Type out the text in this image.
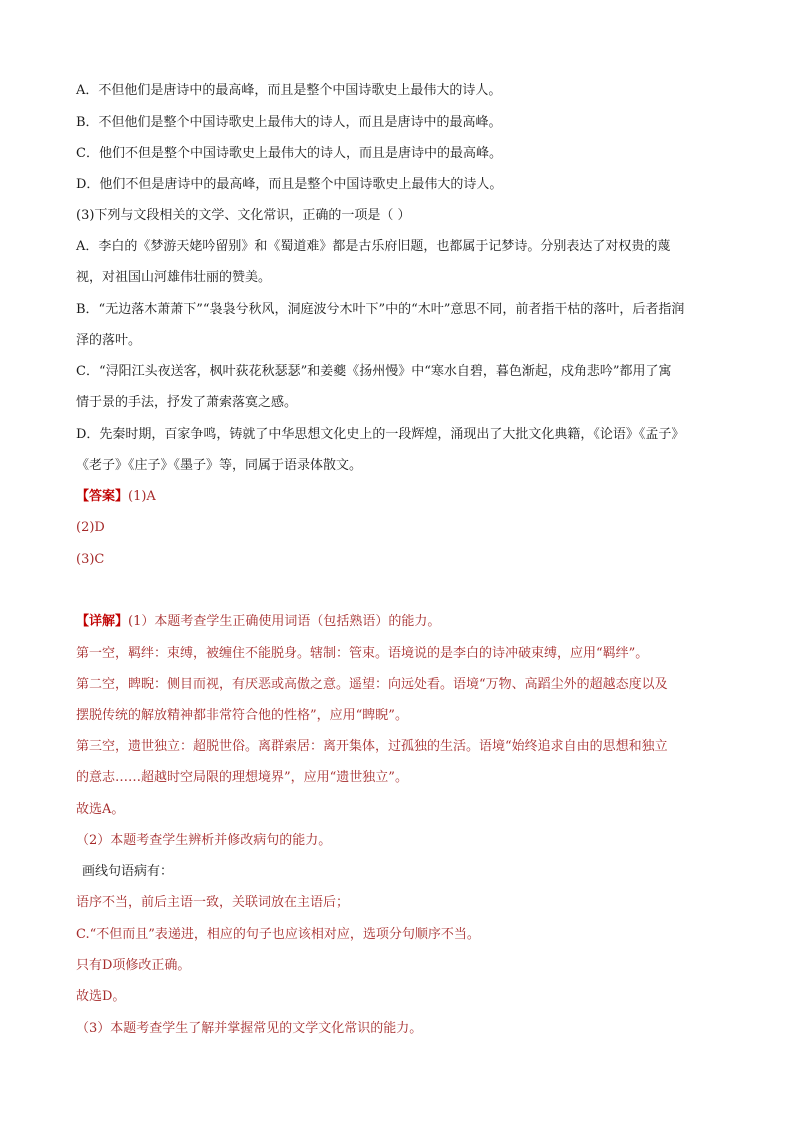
A．不但他们是唐诗中的最高峰，而且是整个中国诗歌史上最伟大的诗人。
B．不但他们是整个中国诗歌史上最伟大的诗人，而且是唐诗中的最高峰。
C．他们不但是整个中国诗歌史上最伟大的诗人，而且是唐诗中的最高峰。
D．他们不但是唐诗中的最高峰，而且是整个中国诗歌史上最伟大的诗人。
(3)下列与文段相关的文学、文化常识，正确的一项是（ ）
A．李白的《梦游天姥吟留别》和《蜀道难》都是古乐府旧题，也都属于记梦诗。分别表达了对权贵的蔑
视，对祖国山河雄伟壮丽的赞美。
B．“无边落木萧萧下”“袅袅兮秋风，洞庭波兮木叶下”中的“木叶”意思不同，前者指干枯的落叶，后者指润
泽的落叶。
C．“浔阳江头夜送客，枫叶荻花秋瑟瑟”和姜夔《扬州慢》中“寒水自碧，暮色渐起，戍角悲吟”都用了寓
情于景的手法，抒发了萧索落寞之感。
D．先秦时期，百家争鸣，铸就了中华思想文化史上的一段辉煌，涌现出了大批文化典籍，《论语》《孟子》
《老子》《庄子》《墨子》等，同属于语录体散文。
【答案】(1)A
(2)D
(3)C
【详解】(1）本题考查学生正确使用词语（包括熟语）的能力。
第一空，羁绊：束缚，被缠住不能脱身。辖制：管束。语境说的是李白的诗冲破束缚，应用“羁绊”。
第二空，睥睨：侧目而视，有厌恶或高傲之意。遥望：向远处看。语境“万物、高蹈尘外的超越态度以及
摆脱传统的解放精神都非常符合他的性格”，应用“睥睨”。
第三空，遗世独立：超脱世俗。离群索居：离开集体，过孤独的生活。语境“始终追求自由的思想和独立
的意志……超越时空局限的理想境界”，应用“遗世独立”。
故选A。
（2）本题考查学生辨析并修改病句的能力。
画线句语病有：
语序不当，前后主语一致，关联词放在主语后；
C.“不但而且”表递进，相应的句子也应该相对应，选项分句顺序不当。
只有D项修改正确。
故选D。
（3）本题考查学生了解并掌握常见的文学文化常识的能力。
